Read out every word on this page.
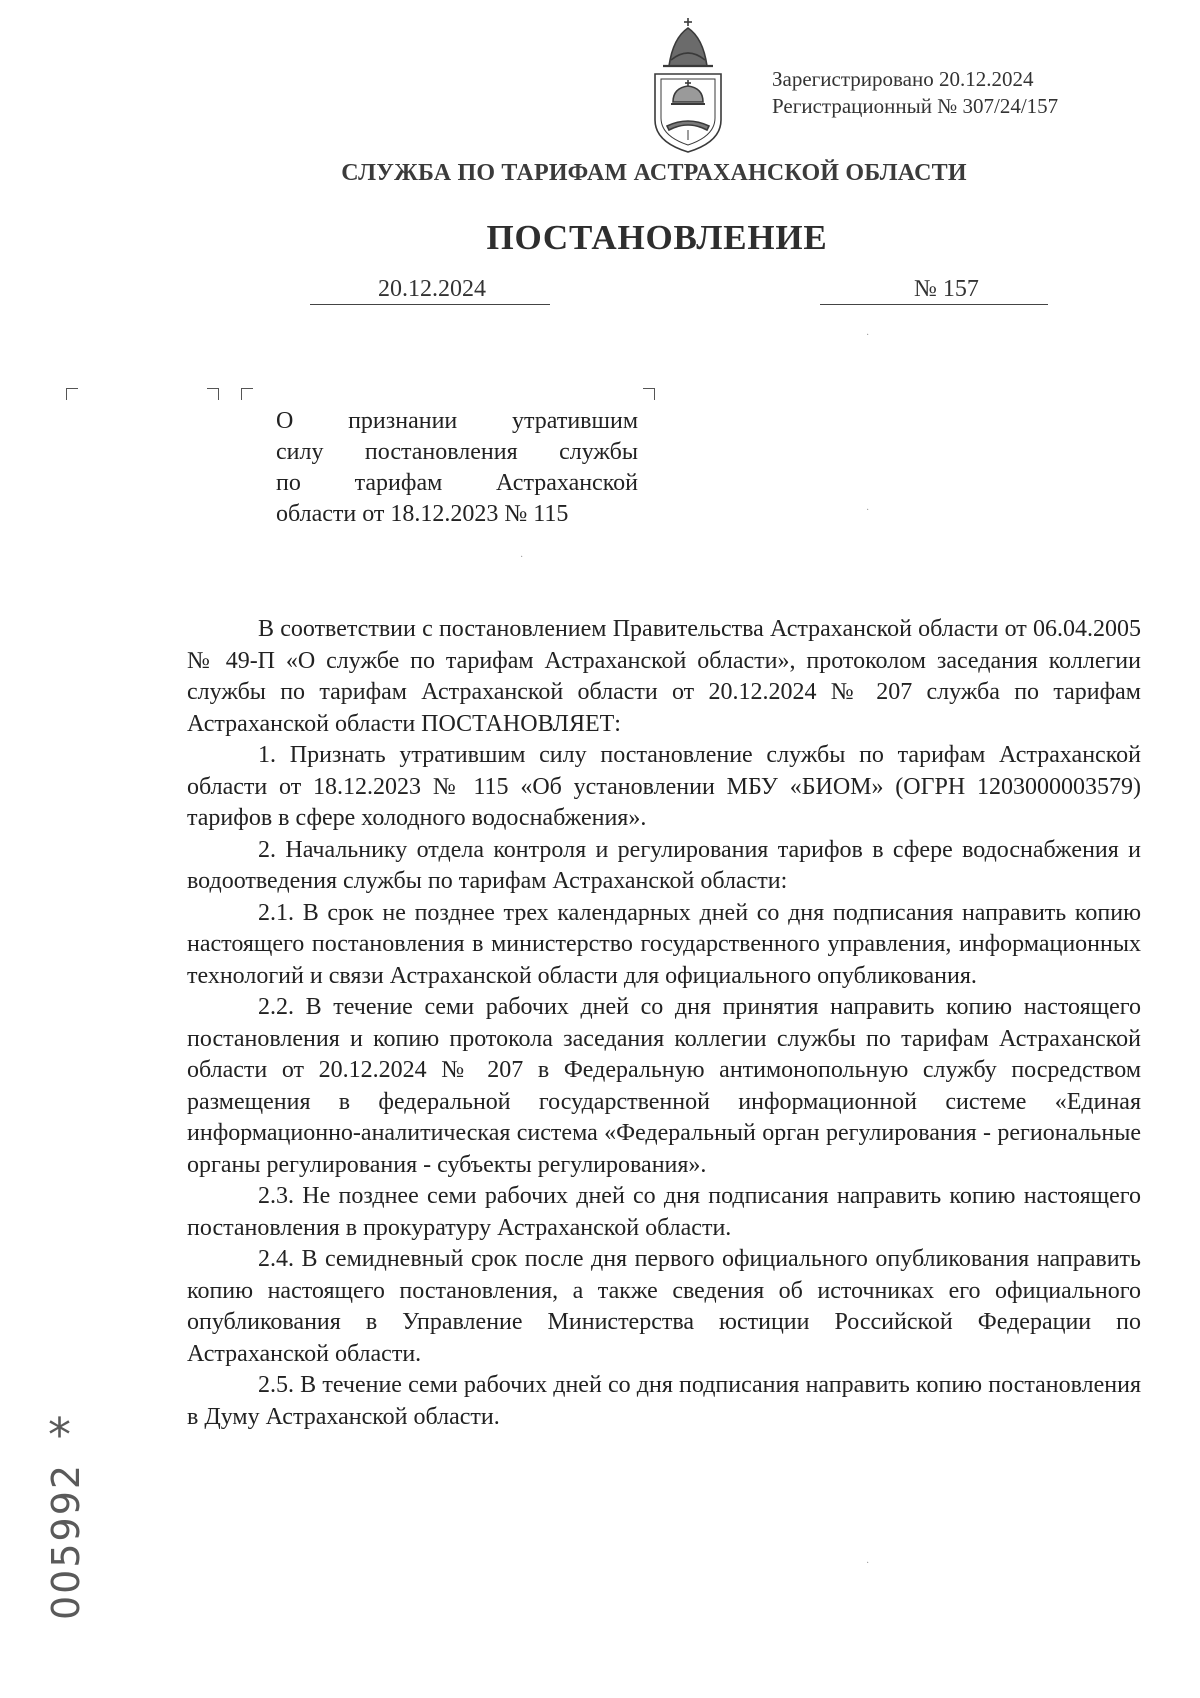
Зарегистрировано 20.12.2024
Регистрационный № 307/24/157
СЛУЖБА ПО ТАРИФАМ АСТРАХАНСКОЙ ОБЛАСТИ
ПОСТАНОВЛЕНИЕ
20.12.2024	№ 157
О признании утратившим
силу постановления службы
по тарифам Астраханской
области от 18.12.2023 № 115

В соответствии с постановлением Правительства Астраханской области от 06.04.2005 № 49-П «О службе по тарифам Астраханской области», протоколом заседания коллегии службы по тарифам Астраханской области от 20.12.2024 № 207 служба по тарифам Астраханской области ПОСТАНОВЛЯЕТ:

1. Признать утратившим силу постановление службы по тарифам Астраханской области от 18.12.2023 № 115 «Об установлении МБУ «БИОМ» (ОГРН 1203000003579) тарифов в сфере холодного водоснабжения».

2. Начальнику отдела контроля и регулирования тарифов в сфере водоснабжения и водоотведения службы по тарифам Астраханской области:

2.1. В срок не позднее трех календарных дней со дня подписания направить копию настоящего постановления в министерство государственного управления, информационных технологий и связи Астраханской области для официального опубликования.

2.2. В течение семи рабочих дней со дня принятия направить копию настоящего постановления и копию протокола заседания коллегии службы по тарифам Астраханской области от 20.12.2024 № 207 в Федеральную антимонопольную службу посредством размещения в федеральной государственной информационной системе «Единая информационно-аналитическая система «Федеральный орган регулирования - региональные органы регулирования - субъекты регулирования».

2.3. Не позднее семи рабочих дней со дня подписания направить копию настоящего постановления в прокуратуру Астраханской области.

2.4. В семидневный срок после дня первого официального опубликования направить копию настоящего постановления, а также сведения об источниках его официального опубликования в Управление Министерства юстиции Российской Федерации по Астраханской области.

2.5. В течение семи рабочих дней со дня подписания направить копию постановления в Думу Астраханской области.

*
005992
·
·
·
·
